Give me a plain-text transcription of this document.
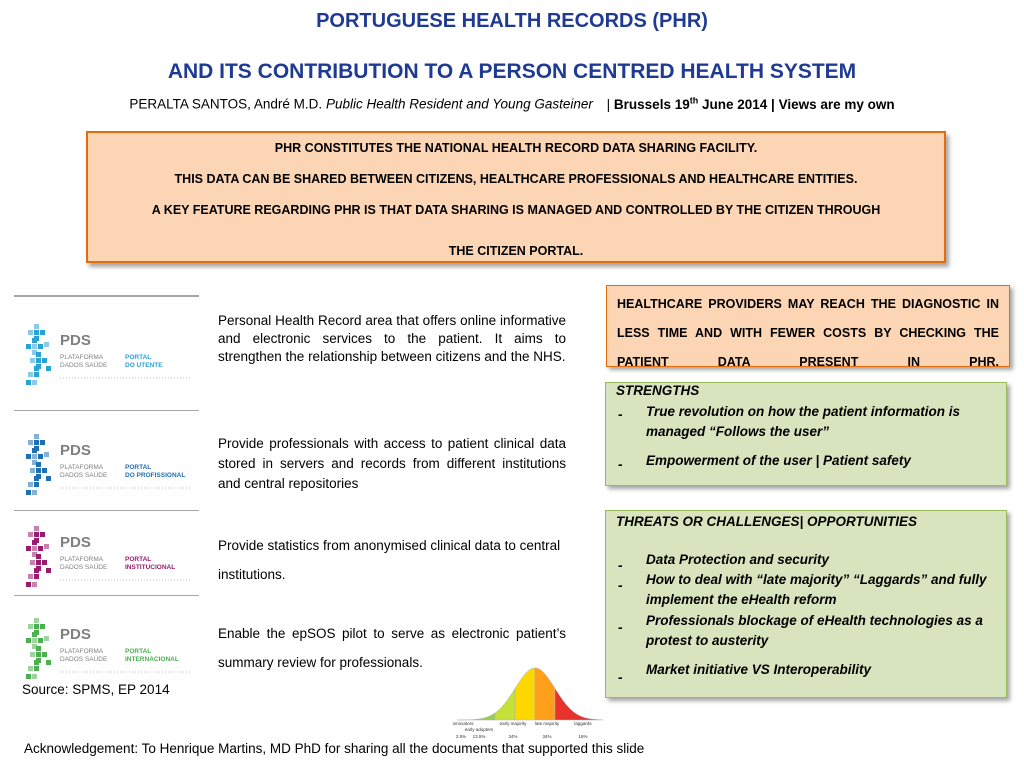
PORTUGUESE HEALTH RECORDS (PHR)
AND ITS CONTRIBUTION TO A PERSON CENTRED HEALTH SYSTEM
PERALTA SANTOS, André M.D. Public Health Resident and Young Gasteiner | Brussels 19th June 2014 | Views are my own

PHR CONSTITUTES THE NATIONAL HEALTH RECORD DATA SHARING FACILITY.

THIS DATA CAN BE SHARED BETWEEN CITIZENS, HEALTHCARE PROFESSIONALS AND HEALTHCARE ENTITIES.

A KEY FEATURE REGARDING PHR IS THAT DATA SHARING IS MANAGED AND CONTROLLED BY THE CITIZEN THROUGH

THE CITIZEN PORTAL.

PDS
PLATAFORMA
DADOS SAÚDE
PORTAL
DO UTENTE
PDS
PLATAFORMA
DADOS SAÚDE
PORTAL
DO PROFISSIONAL
PDS
PLATAFORMA
DADOS SAÚDE
PORTAL
INSTITUCIONAL
PDS
PLATAFORMA
DADOS SAÚDE
PORTAL
INTERNACIONAL
Personal Health Record area that offers online informative and electronic services to the patient. It aims to strengthen the relationship between citizens and the NHS.
Provide professionals with access to patient clinical data stored in servers and records from different institutions and central repositories
Provide statistics from anonymised clinical data to central institutions.
Enable the epSOS pilot to serve as electronic patient’s summary review for professionals.
Source: SPMS, EP 2014
Acknowledgement: To Henrique Martins, MD PhD for sharing all the documents that supported this slide
HEALTHCARE PROVIDERS MAY REACH THE DIAGNOSTIC IN LESS TIME AND WITH FEWER COSTS BY CHECKING THE PATIENT DATA PRESENT IN PHR.
STRENGTHS
- True revolution on how the patient information is managed “Follows the user”
- Empowerment of the user | Patient safety
THREATS OR CHALLENGES| OPPORTUNITIES
- Data Protection and security
- How to deal with “late majority” “Laggards” and fully implement the eHealth reform
- Professionals blockage of eHealth technologies as a protest to austerity
-
Market initiative VS Interoperability
innovators
early adopters
early majority late majority	laggards
2.5% 13.5%	34%	34%	16%
